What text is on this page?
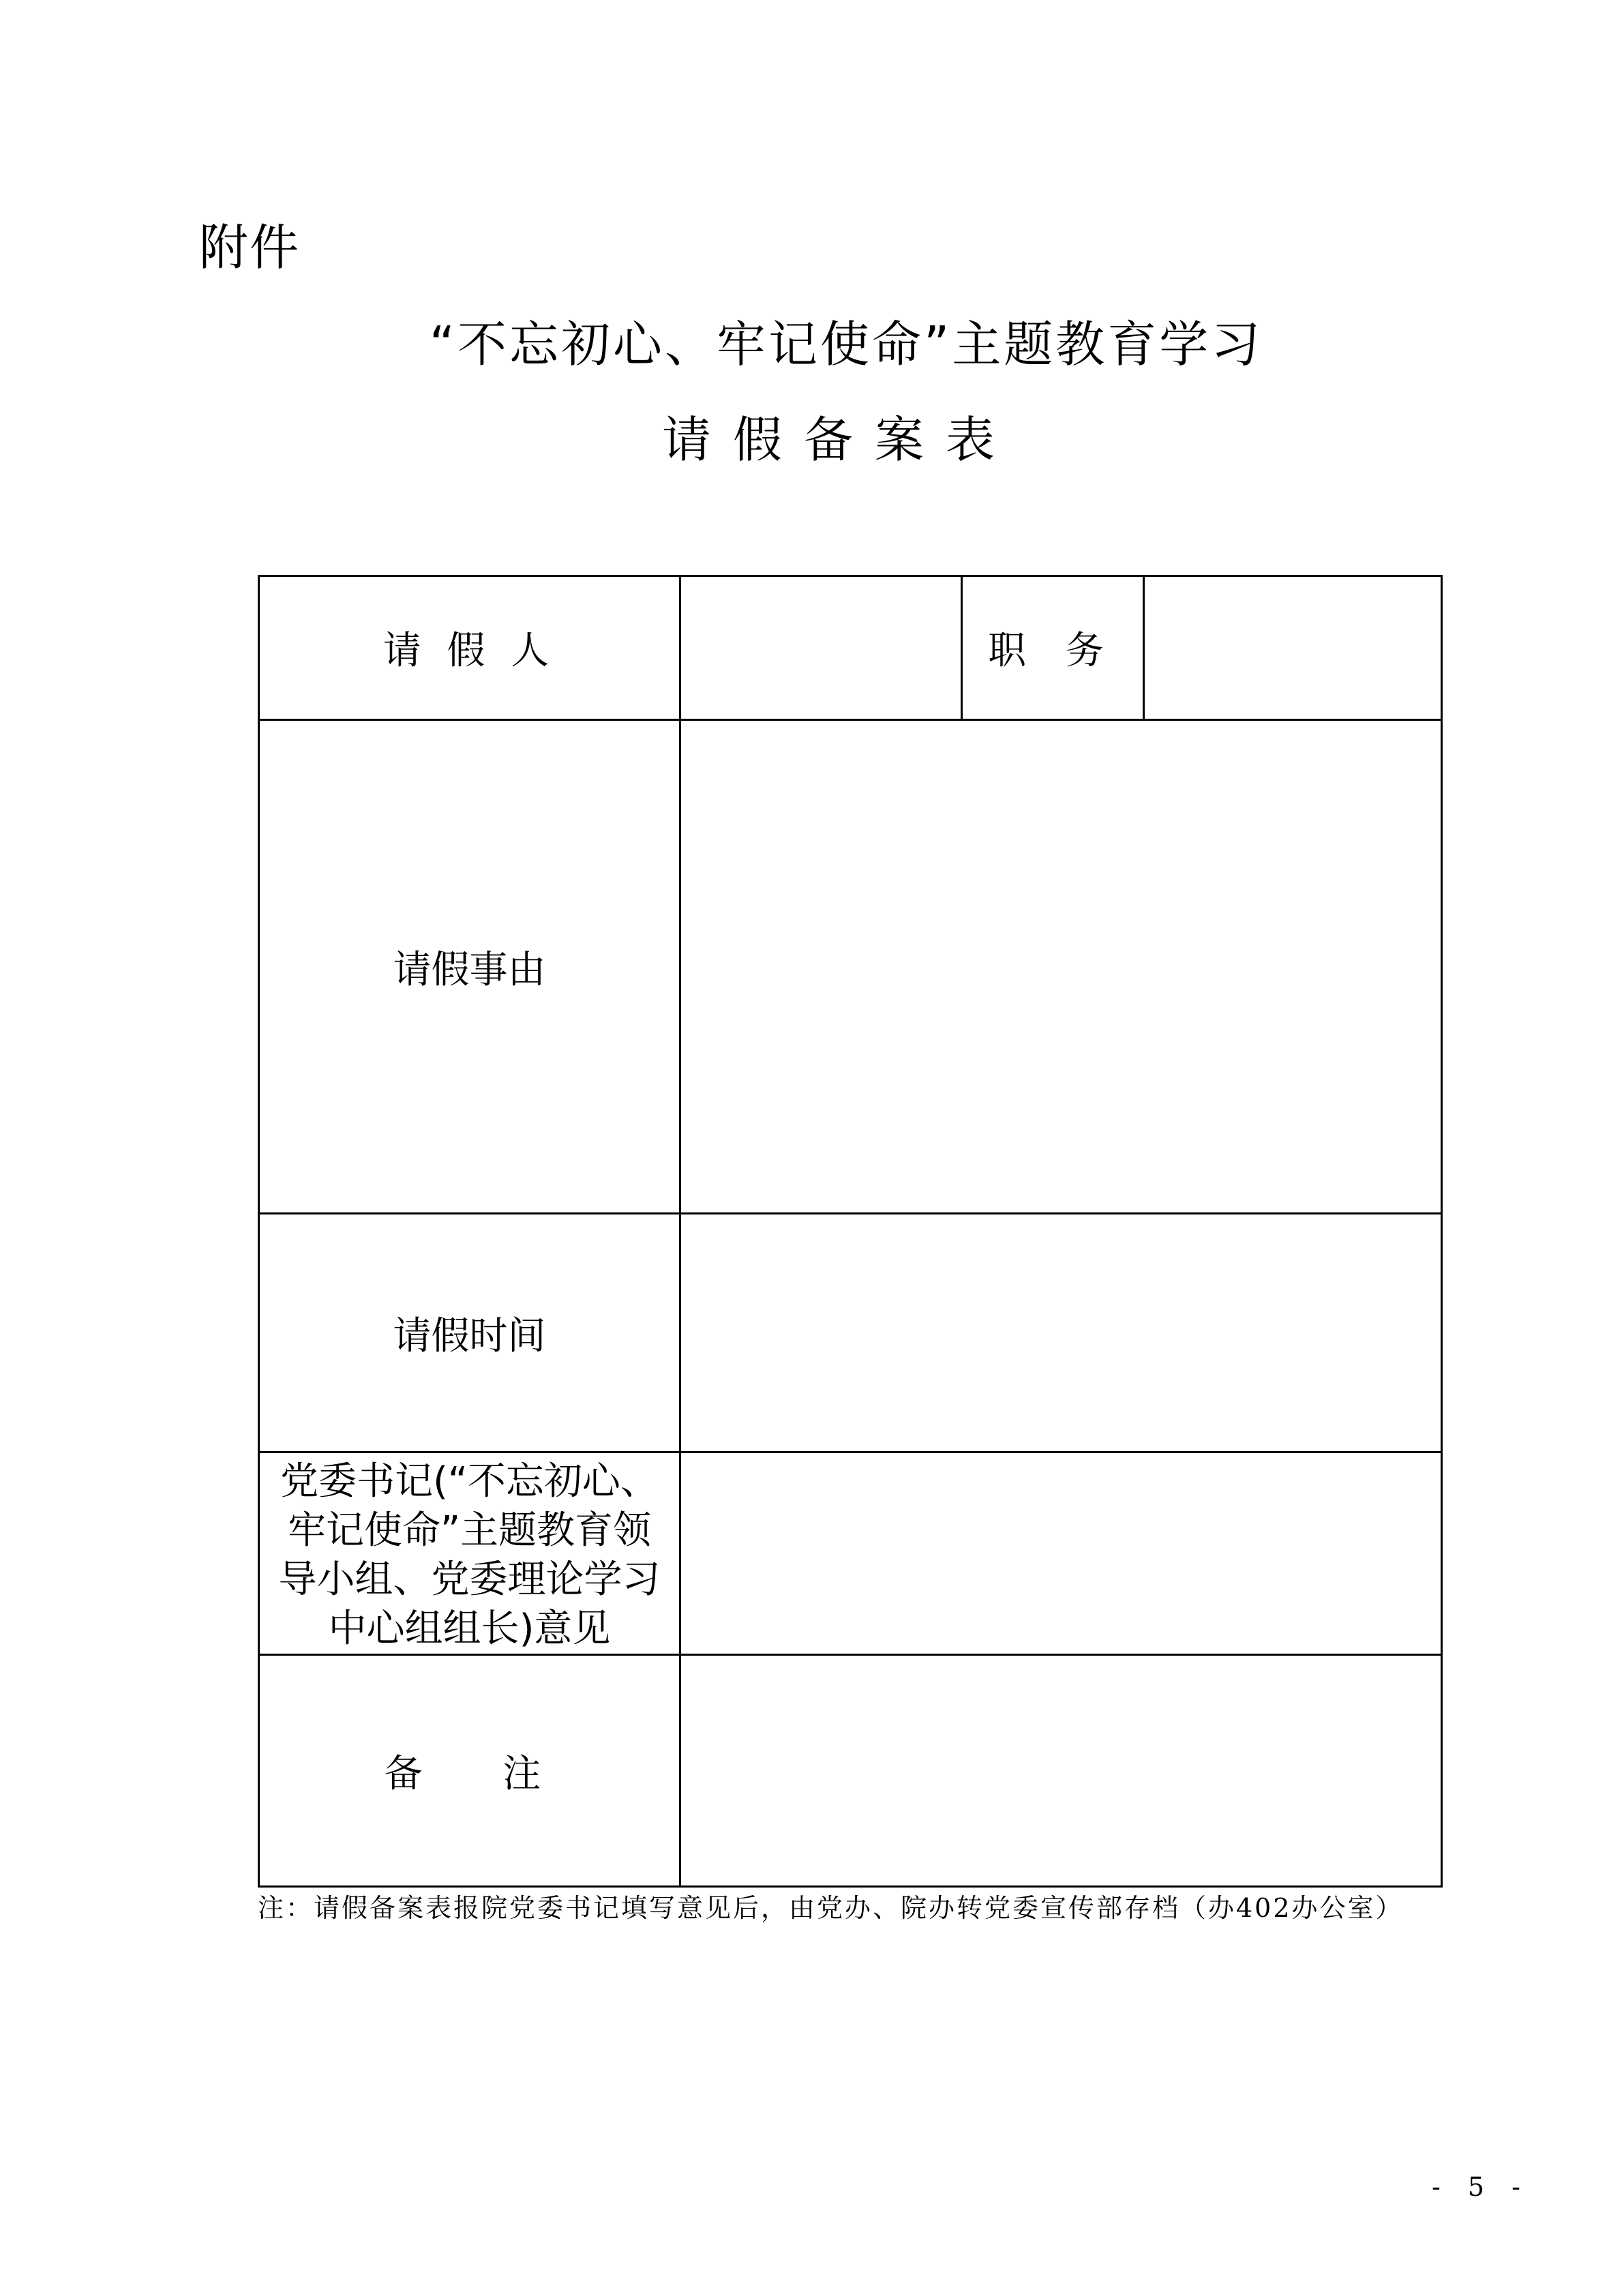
附件
“不忘初心、牢记使命”主题教育学习
请假备案表
请 假 人		职 务	
请假事由			
请假时间			
党委书记(“不忘初心、牢记使命”主题教育领导小组、党委理论学习中心组组长)意见			
备 注			
注：请假备案表报院党委书记填写意见后，由党办、院办转党委宣传部存档（办402办公室）
- 5 -
